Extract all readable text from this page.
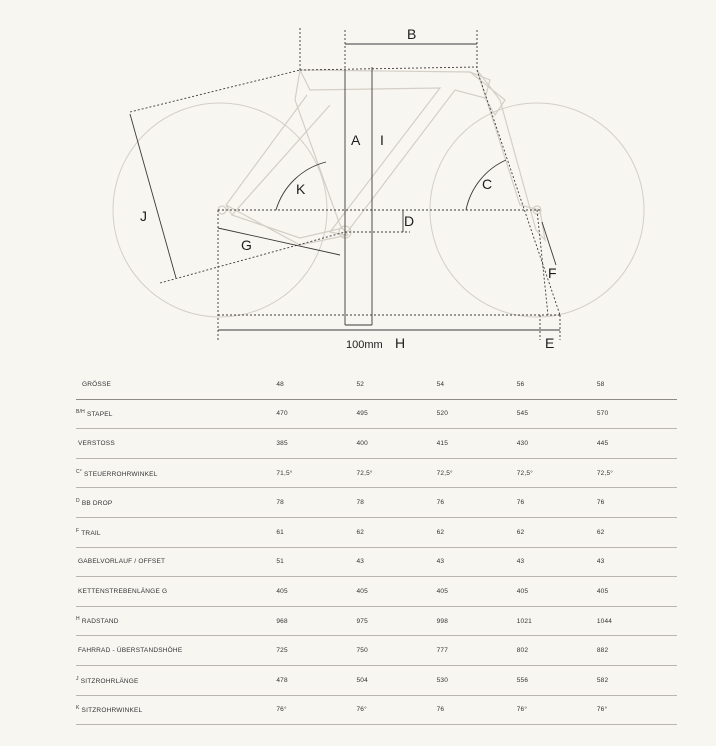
B
A I
K	C
J	D
G
F
100mm H	E
GRÖSSE	48	52	54	56	58
B/H STAPEL	470	495	520	545	570
VERSTOSS	385	400	415	430	445
C° STEUERROHRWINKEL	71,5°	72,5°	72,5°	72,5°	72,5°
D BB DROP	78	78	76	76	76
F TRAIL	61	62	62	62	62
GABELVORLAUF / OFFSET	51	43	43	43	43
KETTENSTREBENLÄNGE G	405	405	405	405	405
H RADSTAND	968	975	998	1021	1044
FAHRRAD - ÜBERSTANDSHÖHE	725	750	777	802	882
J SITZROHRLÄNGE	478	504	530	556	582
K SITZROHRWINKEL	76°	76°	76	76°	76°
